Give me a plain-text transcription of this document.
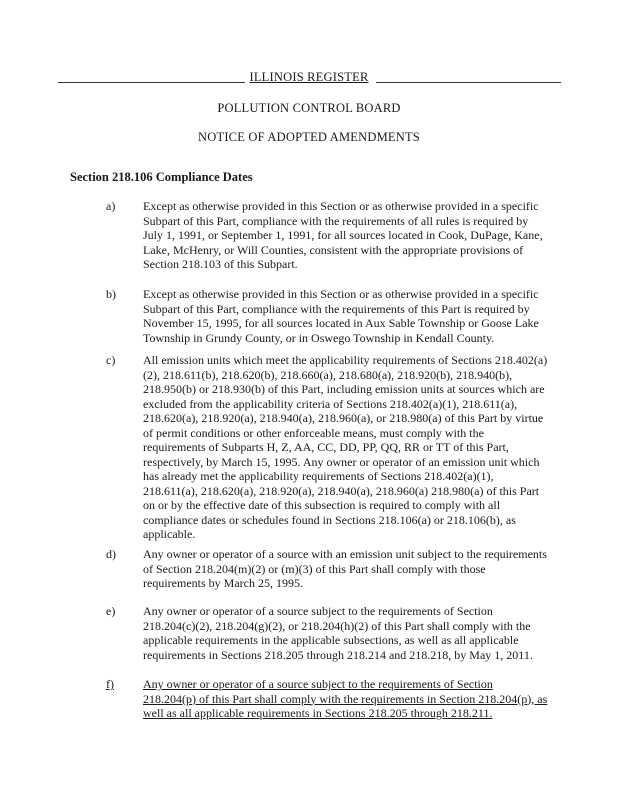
ILLINOIS REGISTER
POLLUTION CONTROL BOARD
NOTICE OF ADOPTED AMENDMENTS
Section 218.106 Compliance Dates
a) Except as otherwise provided in this Section or as otherwise provided in a specific Subpart of this Part, compliance with the requirements of all rules is required by July 1, 1991, or September 1, 1991, for all sources located in Cook, DuPage, Kane, Lake, McHenry, or Will Counties, consistent with the appropriate provisions of Section 218.103 of this Subpart.
b) Except as otherwise provided in this Section or as otherwise provided in a specific Subpart of this Part, compliance with the requirements of this Part is required by November 15, 1995, for all sources located in Aux Sable Township or Goose Lake Township in Grundy County, or in Oswego Township in Kendall County.
c) All emission units which meet the applicability requirements of Sections 218.402(a)(2), 218.611(b), 218.620(b), 218.660(a), 218.680(a), 218.920(b), 218.940(b), 218.950(b) or 218.930(b) of this Part, including emission units at sources which are excluded from the applicability criteria of Sections 218.402(a)(1), 218.611(a), 218.620(a), 218.920(a), 218.940(a), 218.960(a), or 218.980(a) of this Part by virtue of permit conditions or other enforceable means, must comply with the requirements of Subparts H, Z, AA, CC, DD, PP, QQ, RR or TT of this Part, respectively, by March 15, 1995. Any owner or operator of an emission unit which has already met the applicability requirements of Sections 218.402(a)(1), 218.611(a), 218.620(a), 218.920(a), 218.940(a), 218.960(a) 218.980(a) of this Part on or by the effective date of this subsection is required to comply with all compliance dates or schedules found in Sections 218.106(a) or 218.106(b), as applicable.
d) Any owner or operator of a source with an emission unit subject to the requirements of Section 218.204(m)(2) or (m)(3) of this Part shall comply with those requirements by March 25, 1995.
e) Any owner or operator of a source subject to the requirements of Section 218.204(c)(2), 218.204(g)(2), or 218.204(h)(2) of this Part shall comply with the applicable requirements in the applicable subsections, as well as all applicable requirements in Sections 218.205 through 218.214 and 218.218, by May 1, 2011.
f) Any owner or operator of a source subject to the requirements of Section 218.204(p) of this Part shall comply with the requirements in Section 218.204(p), as well as all applicable requirements in Sections 218.205 through 218.211.
